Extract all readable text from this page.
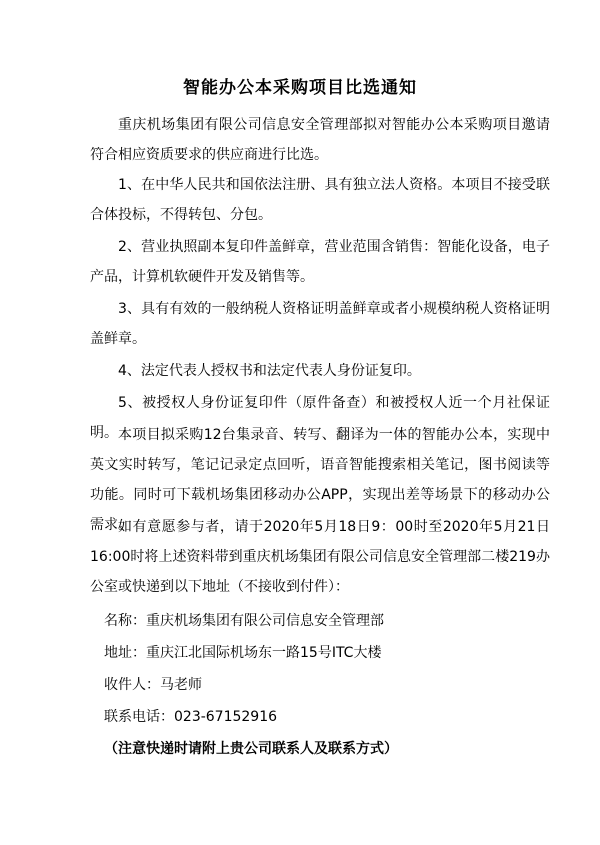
智能办公本采购项目比选通知

重庆机场集团有限公司信息安全管理部拟对智能办公本采购项目邀请符合相应资质要求的供应商进行比选。

1、在中华人民共和国依法注册、具有独立法人资格。本项目不接受联合体投标，不得转包、分包。

2、营业执照副本复印件盖鲜章，营业范围含销售：智能化设备，电子产品，计算机软硬件开发及销售等。

3、具有有效的一般纳税人资格证明盖鲜章或者小规模纳税人资格证明盖鲜章。

4、法定代表人授权书和法定代表人身份证复印。

5、被授权人身份证复印件（原件备查）和被授权人近一个月社保证明。 本项目拟采购12台集录音、转写、翻译为一体的智能办公本，实现中英文实时转写，笔记记录定点回听，语音智能搜索相关笔记，图书阅读等功能。同时可下载机场集团移动办公APP，实现出差等场景下的移动办公需求。

如有意愿参与者，请于2020年5月18日9：00时至2020年5月21日16:00时将上述资料带到重庆机场集团有限公司信息安全管理部二楼219办公室或快递到以下地址（不接收到付件）：

名称：重庆机场集团有限公司信息安全管理部
地址：重庆江北国际机场东一路15号ITC大楼
收件人：马老师
联系电话：023-67152916
（注意快递时请附上贵公司联系人及联系方式）
